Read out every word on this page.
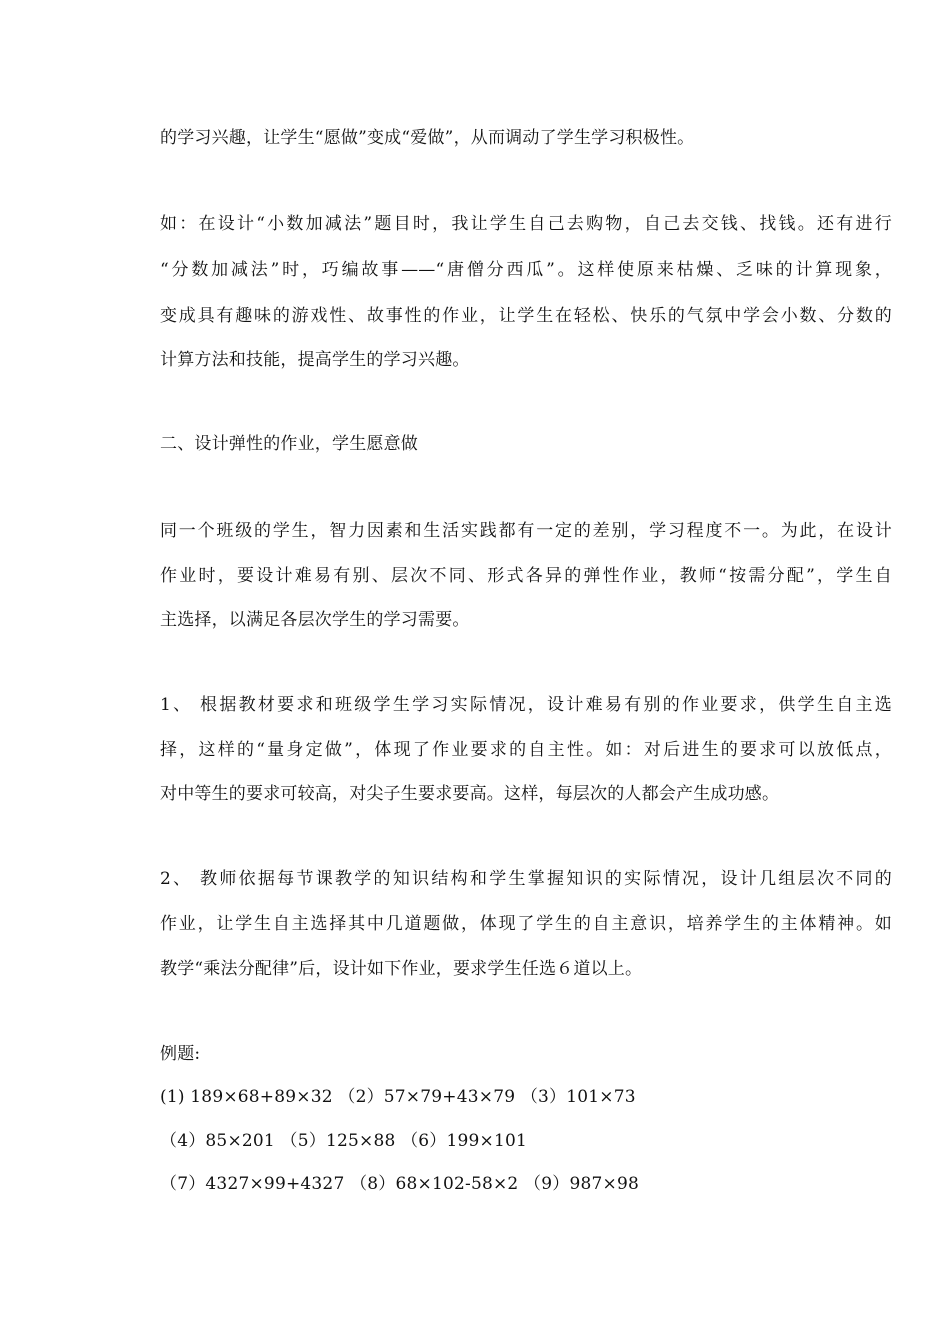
的学习兴趣，让学生“愿做”变成“爱做”，从而调动了学生学习积极性。
如：在设计“小数加减法”题目时，我让学生自己去购物，自己去交钱、找钱。还有进行
“分数加减法”时，巧编故事——“唐僧分西瓜”。这样使原来枯燥、乏味的计算现象，
变成具有趣味的游戏性、故事性的作业，让学生在轻松、快乐的气氛中学会小数、分数的
计算方法和技能，提高学生的学习兴趣。
二、设计弹性的作业，学生愿意做
同一个班级的学生，智力因素和生活实践都有一定的差别，学习程度不一。为此，在设计
作业时，要设计难易有别、层次不同、形式各异的弹性作业，教师“按需分配”，学生自
主选择，以满足各层次学生的学习需要。
1、 根据教材要求和班级学生学习实际情况，设计难易有别的作业要求，供学生自主选
择，这样的“量身定做”，体现了作业要求的自主性。如：对后进生的要求可以放低点，
对中等生的要求可较高，对尖子生要求要高。这样，每层次的人都会产生成功感。
2、 教师依据每节课教学的知识结构和学生掌握知识的实际情况，设计几组层次不同的
作业，让学生自主选择其中几道题做，体现了学生的自主意识，培养学生的主体精神。如
教学“乘法分配律”后，设计如下作业，要求学生任选６道以上。
例题:
(1) 189×68+89×32 （2）57×79+43×79 （3）101×73
（4）85×201 （5）125×88 （6）199×101
（7）4327×99+4327 （8）68×102-58×2 （9）987×98
